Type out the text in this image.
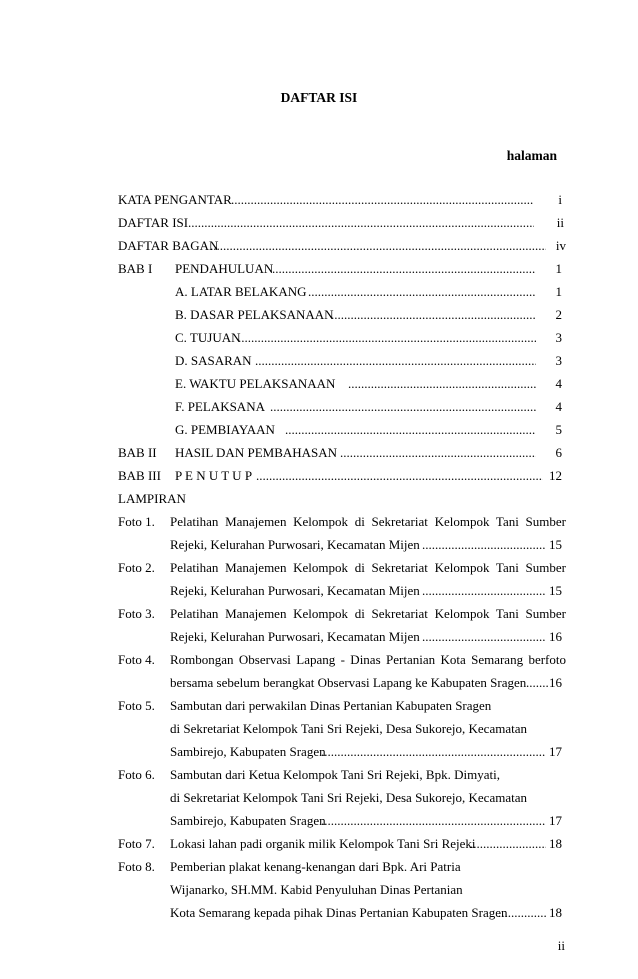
DAFTAR ISI
halaman
KATA PENGANTAR .....	i
DAFTAR ISI .....	ii
DAFTAR BAGAN .....	iv
BAB I PENDAHULUAN .....	1
A. LATAR BELAKANG .....	1
B. DASAR PELAKSANAAN .....	2
C. TUJUAN .....	3
D. SASARAN .....	3
E. WAKTU PELAKSANAAN .....	4
F. PELAKSANA .....	4
G. PEMBIAYAAN .....	5
BAB II HASIL DAN PEMBAHASAN .....	6
BAB III P E N U T U P .....	12
LAMPIRAN
Foto 1. Pelatihan Manajemen Kelompok di Sekretariat Kelompok Tani Sumber
Rejeki, Kelurahan Purwosari, Kecamatan Mijen .....	15
Foto 2. Pelatihan Manajemen Kelompok di Sekretariat Kelompok Tani Sumber
Rejeki, Kelurahan Purwosari, Kecamatan Mijen .....	15
Foto 3. Pelatihan Manajemen Kelompok di Sekretariat Kelompok Tani Sumber
Rejeki, Kelurahan Purwosari, Kecamatan Mijen .....	16
Foto 4. Rombongan Observasi Lapang - Dinas Pertanian Kota Semarang berfoto
bersama sebelum berangkat Observasi Lapang ke Kabupaten Sragen ..... 16
Foto 5. Sambutan dari perwakilan Dinas Pertanian Kabupaten Sragen
di Sekretariat Kelompok Tani Sri Rejeki, Desa Sukorejo, Kecamatan
Sambirejo, Kabupaten Sragen .....	17
Foto 6. Sambutan dari Ketua Kelompok Tani Sri Rejeki, Bpk. Dimyati,
di Sekretariat Kelompok Tani Sri Rejeki, Desa Sukorejo, Kecamatan
Sambirejo, Kabupaten Sragen .....	17
Foto 7. Lokasi lahan padi organik milik Kelompok Tani Sri Rejeki .....	18
Foto 8. Pemberian plakat kenang-kenangan dari Bpk. Ari Patria
Wijanarko, SH.MM. Kabid Penyuluhan Dinas Pertanian
Kota Semarang kepada pihak Dinas Pertanian Kabupaten Sragen .....	18
ii
